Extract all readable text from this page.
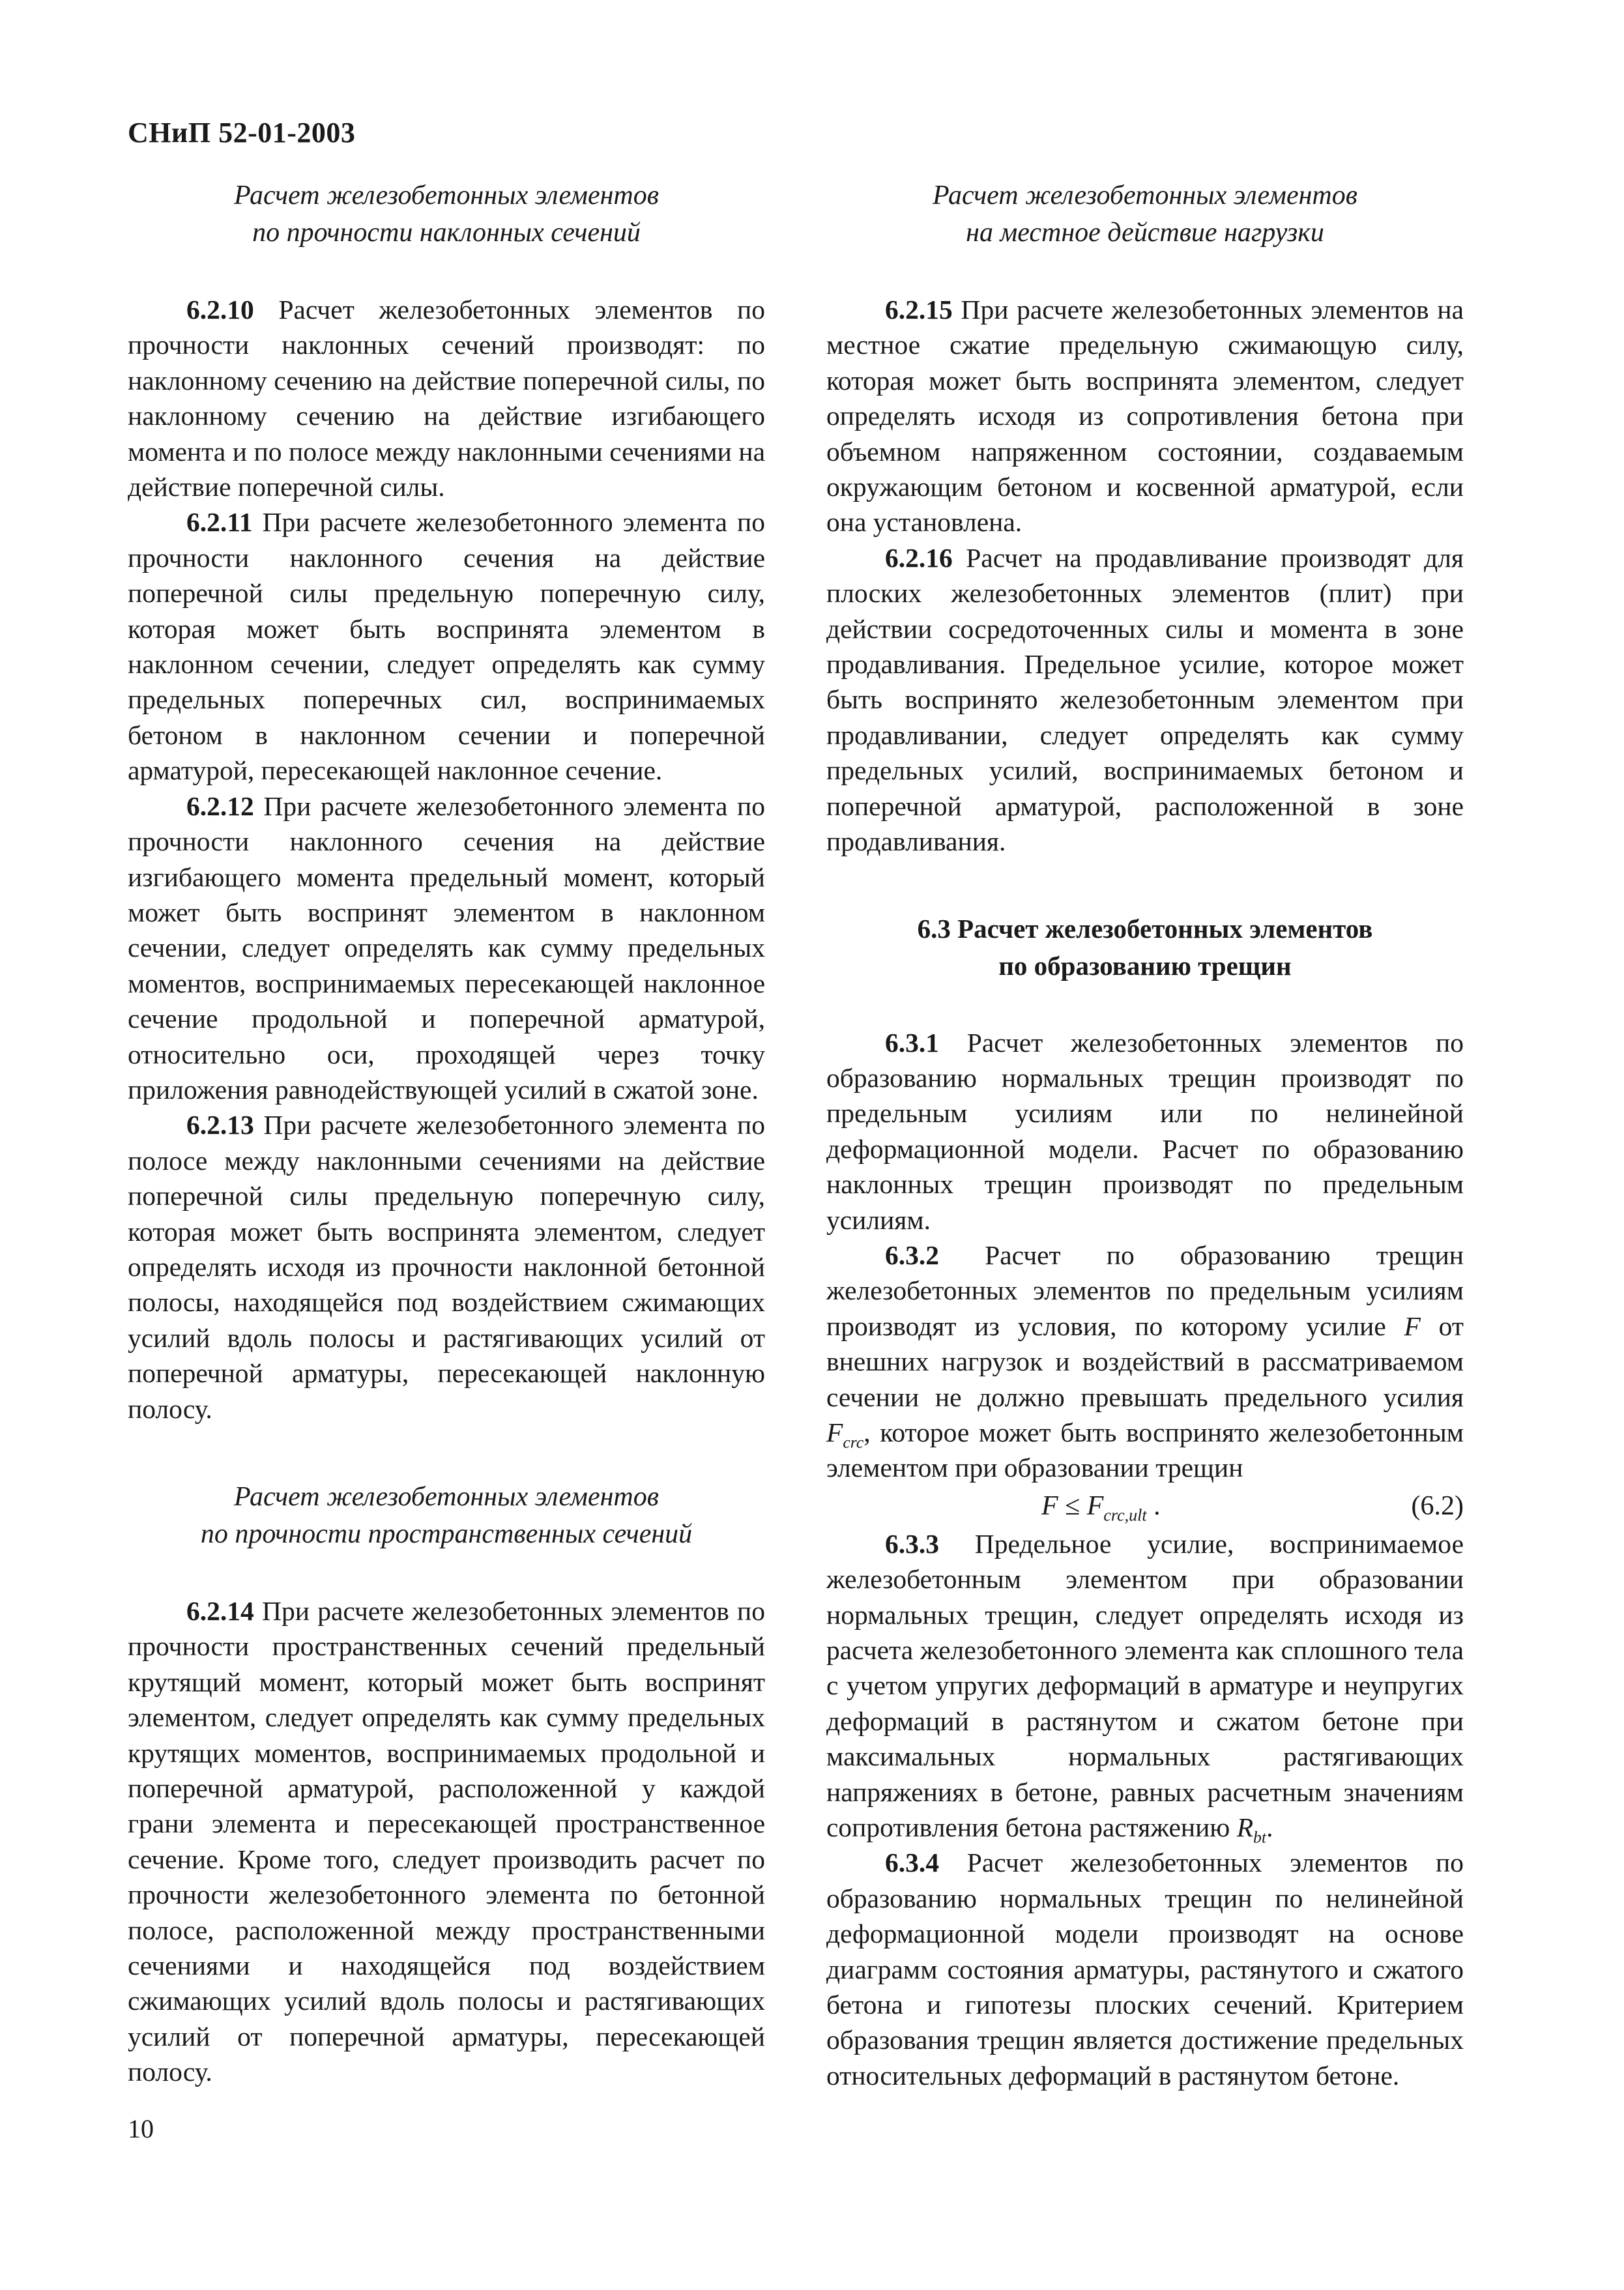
СНиП 52-01-2003
Расчет железобетонных элементов
по прочности наклонных сечений

6.2.10 Расчет железобетонных элементов по прочности наклонных сечений производят: по наклонному сечению на действие поперечной силы, по наклонному сечению на действие изгибающего момента и по полосе между наклонными сечениями на действие поперечной силы.

6.2.11 При расчете железобетонного элемента по прочности наклонного сечения на действие поперечной силы предельную поперечную силу, которая может быть воспринята элементом в наклонном сечении, следует определять как сумму предельных поперечных сил, воспринимаемых бетоном в наклонном сечении и поперечной арматурой, пересекающей наклонное сечение.

6.2.12 При расчете железобетонного элемента по прочности наклонного сечения на действие изгибающего момента предельный момент, который может быть воспринят элементом в наклонном сечении, следует определять как сумму предельных моментов, воспринимаемых пересекающей наклонное сечение продольной и поперечной арматурой, относительно оси, проходящей через точку приложения равнодействующей усилий в сжатой зоне.

6.2.13 При расчете железобетонного элемента по полосе между наклонными сечениями на действие поперечной силы предельную поперечную силу, которая может быть воспринята элементом, следует определять исходя из прочности наклонной бетонной полосы, находящейся под воздействием сжимающих усилий вдоль полосы и растягивающих усилий от поперечной арматуры, пересекающей наклонную полосу.

Расчет железобетонных элементов
по прочности пространственных сечений

6.2.14 При расчете железобетонных элементов по прочности пространственных сечений предельный крутящий момент, который может быть воспринят элементом, следует определять как сумму предельных крутящих моментов, воспринимаемых продольной и поперечной арматурой, расположенной у каждой грани элемента и пересекающей пространственное сечение. Кроме того, следует производить расчет по прочности железобетонного элемента по бетонной полосе, расположенной между пространственными сечениями и находящейся под воздействием сжимающих усилий вдоль полосы и растягивающих усилий от поперечной арматуры, пересекающей полосу.

Расчет железобетонных элементов
на местное действие нагрузки

6.2.15 При расчете железобетонных элементов на местное сжатие предельную сжимающую силу, которая может быть воспринята элементом, следует определять исходя из сопротивления бетона при объемном напряженном состоянии, создаваемым окружающим бетоном и косвенной арматурой, если она установлена.

6.2.16 Расчет на продавливание производят для плоских железобетонных элементов (плит) при действии сосредоточенных силы и момента в зоне продавливания. Предельное усилие, которое может быть воспринято железобетонным элементом при продавливании, следует определять как сумму предельных усилий, воспринимаемых бетоном и поперечной арматурой, расположенной в зоне продавливания.

6.3 Расчет железобетонных элементов
по образованию трещин

6.3.1 Расчет железобетонных элементов по образованию нормальных трещин производят по предельным усилиям или по нелинейной деформационной модели. Расчет по образованию наклонных трещин производят по предельным усилиям.

6.3.2 Расчет по образованию трещин железобетонных элементов по предельным усилиям производят из условия, по которому усилие F от внешних нагрузок и воздействий в рассматриваемом сечении не должно превышать предельного усилия $F_{crc}$, которое может быть воспринято железобетонным элементом при образовании трещин

$F \le F_{crc,ult}$ .	(6.2)

6.3.3 Предельное усилие, воспринимаемое железобетонным элементом при образовании нормальных трещин, следует определять исходя из расчета железобетонного элемента как сплошного тела с учетом упругих деформаций в арматуре и неупругих деформаций в растянутом и сжатом бетоне при максимальных нормальных растягивающих напряжениях в бетоне, равных расчетным значениям сопротивления бетона растяжению $R_{bt}$.

6.3.4 Расчет железобетонных элементов по образованию нормальных трещин по нелинейной деформационной модели производят на основе диаграмм состояния арматуры, растянутого и сжатого бетона и гипотезы плоских сечений. Критерием образования трещин является достижение предельных относительных деформаций в растянутом бетоне.

10
